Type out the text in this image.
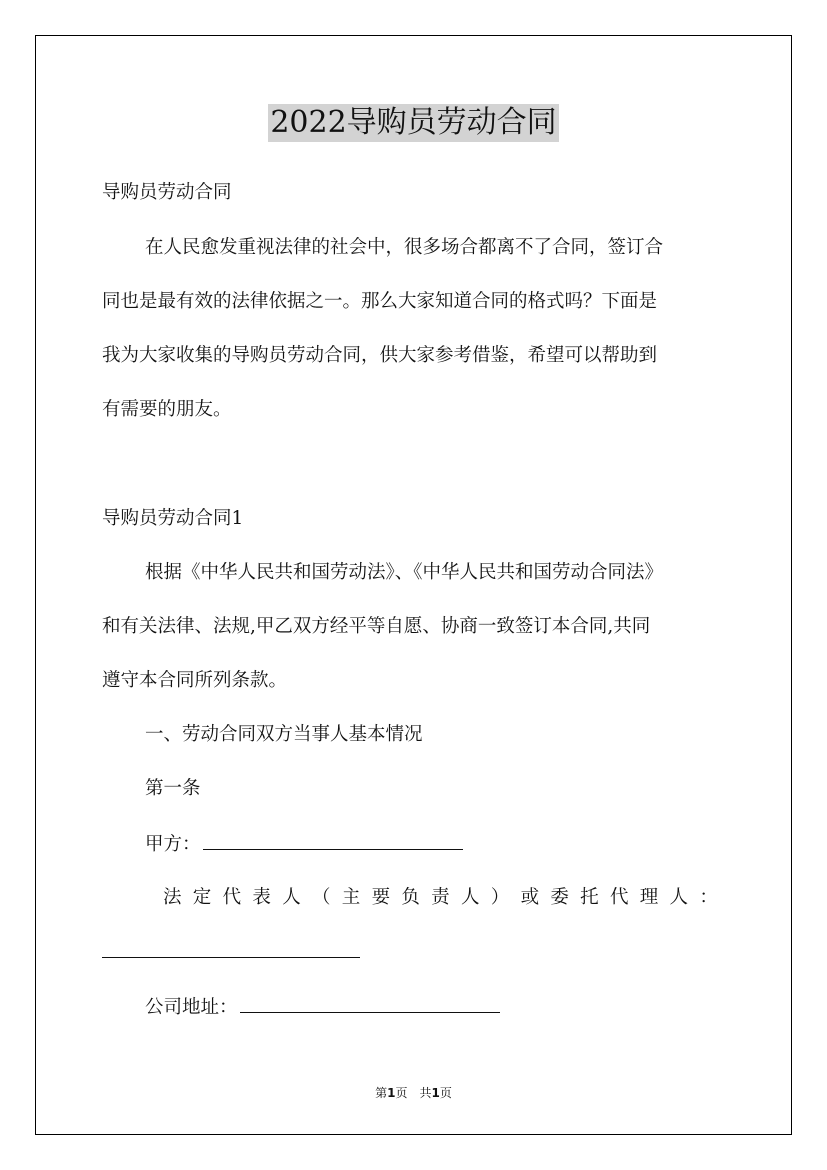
2022导购员劳动合同
导购员劳动合同
在人民愈发重视法律的社会中，很多场合都离不了合同，签订合
同也是最有效的法律依据之一。那么大家知道合同的格式吗？下面是
我为大家收集的导购员劳动合同，供大家参考借鉴，希望可以帮助到
有需要的朋友。
导购员劳动合同1
根据《中华人民共和国劳动法》、《中华人民共和国劳动合同法》
和有关法律、法规,甲乙双方经平等自愿、协商一致签订本合同,共同
遵守本合同所列条款。
一、劳动合同双方当事人基本情况
第一条
甲方：
法 定 代 表 人 （ 主 要 负 责 人 ） 或 委 托 代 理 人 ：
公司地址：
第1页　共1页
